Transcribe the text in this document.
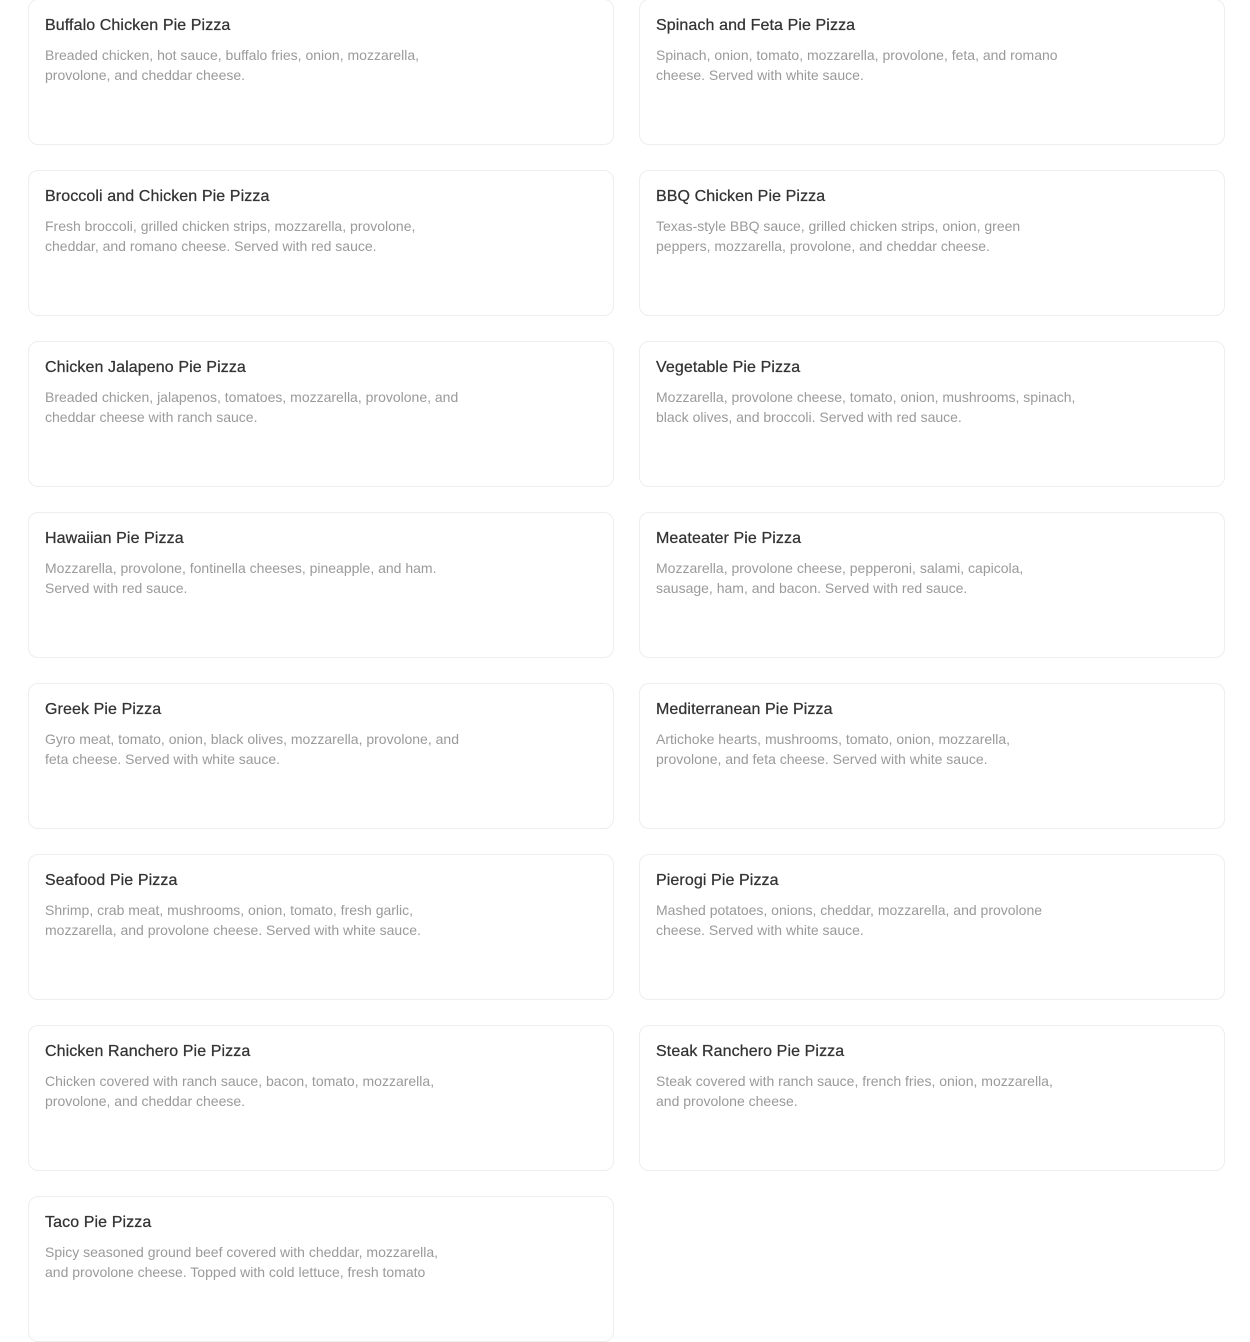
Buffalo Chicken Pie Pizza

Breaded chicken, hot sauce, buffalo fries, onion, mozzarella, provolone, and cheddar cheese.

Spinach and Feta Pie Pizza

Spinach, onion, tomato, mozzarella, provolone, feta, and romano cheese. Served with white sauce.

Broccoli and Chicken Pie Pizza

Fresh broccoli, grilled chicken strips, mozzarella, provolone, cheddar, and romano cheese. Served with red sauce.

BBQ Chicken Pie Pizza

Texas-style BBQ sauce, grilled chicken strips, onion, green peppers, mozzarella, provolone, and cheddar cheese.

Chicken Jalapeno Pie Pizza

Breaded chicken, jalapenos, tomatoes, mozzarella, provolone, and cheddar cheese with ranch sauce.

Vegetable Pie Pizza

Mozzarella, provolone cheese, tomato, onion, mushrooms, spinach, black olives, and broccoli. Served with red sauce.

Hawaiian Pie Pizza

Mozzarella, provolone, fontinella cheeses, pineapple, and ham. Served with red sauce.

Meateater Pie Pizza

Mozzarella, provolone cheese, pepperoni, salami, capicola, sausage, ham, and bacon. Served with red sauce.

Greek Pie Pizza

Gyro meat, tomato, onion, black olives, mozzarella, provolone, and feta cheese. Served with white sauce.

Mediterranean Pie Pizza

Artichoke hearts, mushrooms, tomato, onion, mozzarella, provolone, and feta cheese. Served with white sauce.

Seafood Pie Pizza

Shrimp, crab meat, mushrooms, onion, tomato, fresh garlic, mozzarella, and provolone cheese. Served with white sauce.

Pierogi Pie Pizza

Mashed potatoes, onions, cheddar, mozzarella, and provolone cheese. Served with white sauce.

Chicken Ranchero Pie Pizza

Chicken covered with ranch sauce, bacon, tomato, mozzarella, provolone, and cheddar cheese.

Steak Ranchero Pie Pizza

Steak covered with ranch sauce, french fries, onion, mozzarella, and provolone cheese.

Taco Pie Pizza

Spicy seasoned ground beef covered with cheddar, mozzarella, and provolone cheese. Topped with cold lettuce, fresh tomato
